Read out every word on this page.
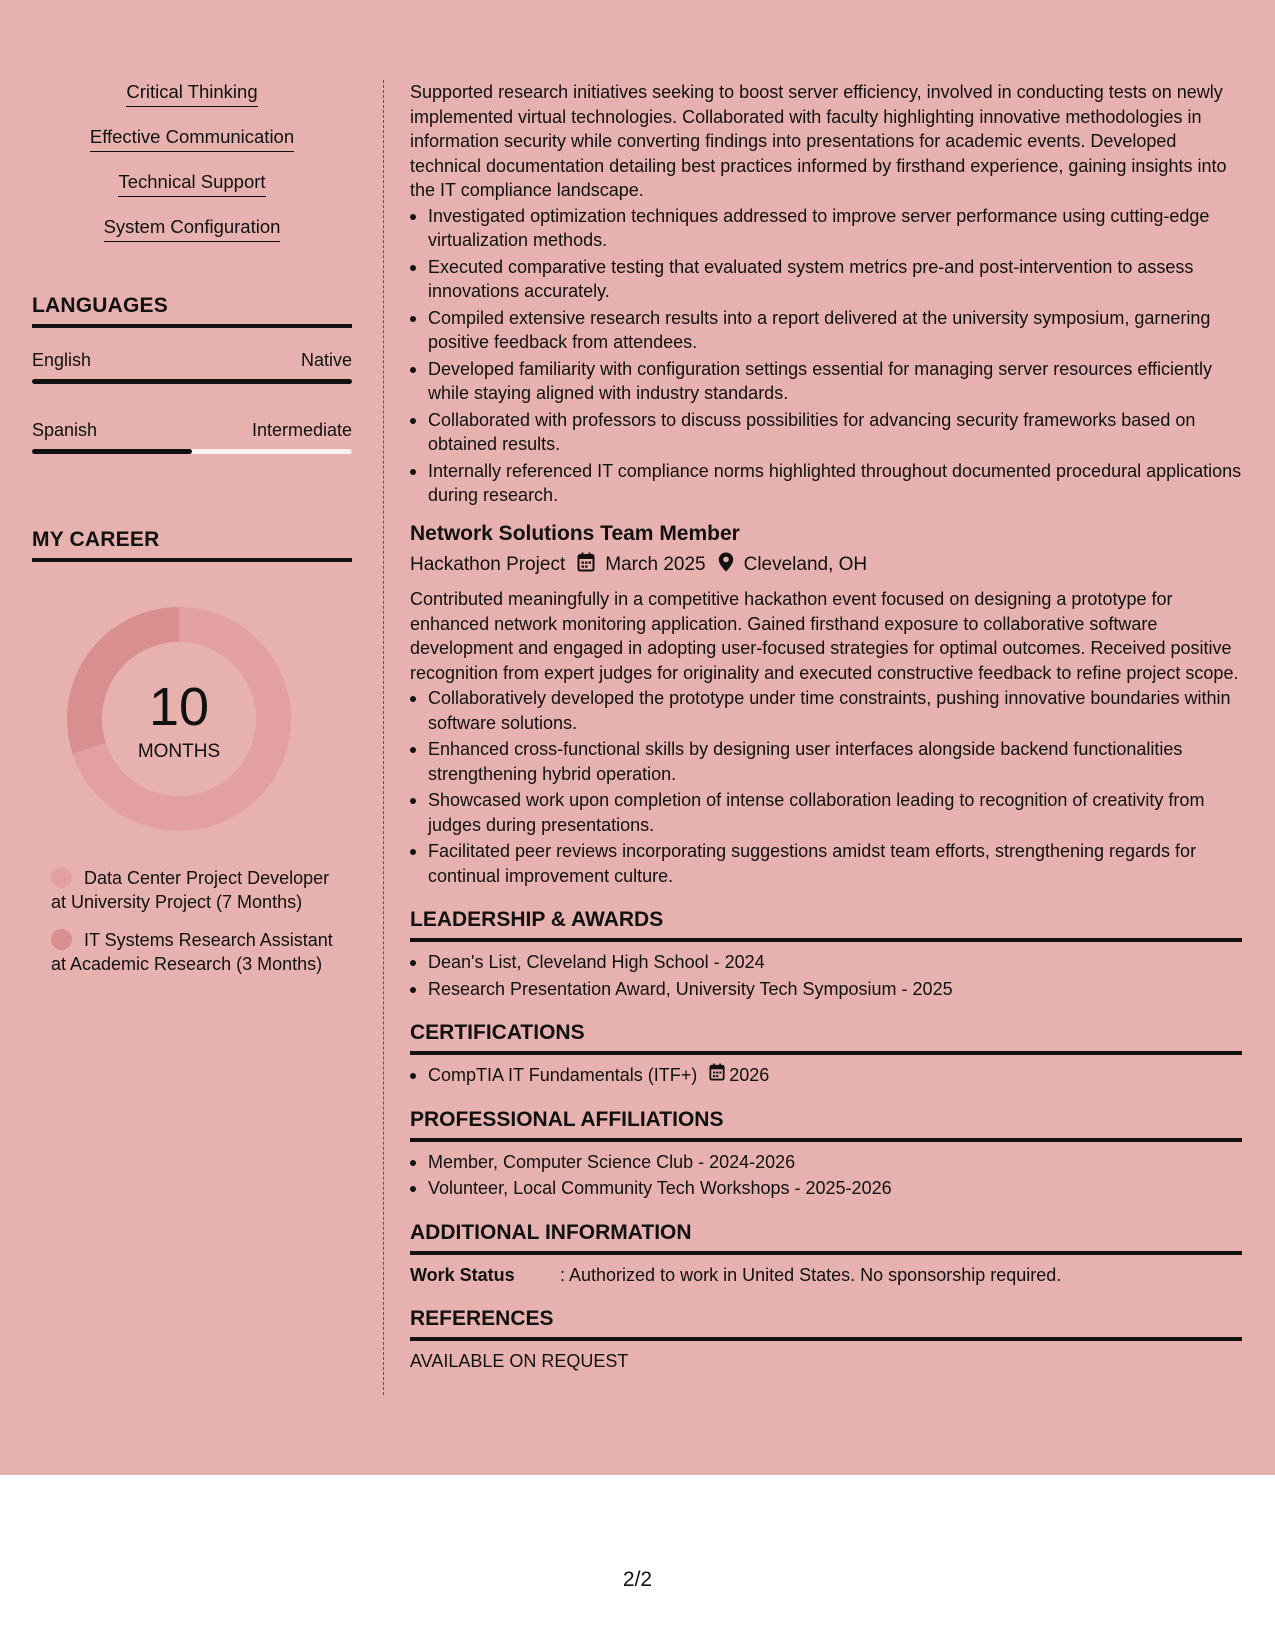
Critical Thinking
Effective Communication
Technical Support
System Configuration
LANGUAGES
English	Native
Spanish	Intermediate
MY CAREER
10
MONTHS
Data Center Project Developer at University Project (7 Months)
IT Systems Research Assistant at Academic Research (3 Months)
Supported research initiatives seeking to boost server efficiency, involved in conducting tests on newly implemented virtual technologies. Collaborated with faculty highlighting innovative methodologies in information security while converting findings into presentations for academic events. Developed technical documentation detailing best practices informed by firsthand experience, gaining insights into the IT compliance landscape.
Investigated optimization techniques addressed to improve server performance using cutting-edge virtualization methods.
Executed comparative testing that evaluated system metrics pre-and post-intervention to assess innovations accurately.
Compiled extensive research results into a report delivered at the university symposium, garnering positive feedback from attendees.
Developed familiarity with configuration settings essential for managing server resources efficiently while staying aligned with industry standards.
Collaborated with professors to discuss possibilities for advancing security frameworks based on obtained results.
Internally referenced IT compliance norms highlighted throughout documented procedural applications during research.
Network Solutions Team Member
Hackathon Project March 2025 Cleveland, OH
Contributed meaningfully in a competitive hackathon event focused on designing a prototype for enhanced network monitoring application. Gained firsthand exposure to collaborative software development and engaged in adopting user-focused strategies for optimal outcomes. Received positive recognition from expert judges for originality and executed constructive feedback to refine project scope.
Collaboratively developed the prototype under time constraints, pushing innovative boundaries within software solutions.
Enhanced cross-functional skills by designing user interfaces alongside backend functionalities strengthening hybrid operation.
Showcased work upon completion of intense collaboration leading to recognition of creativity from judges during presentations.
Facilitated peer reviews incorporating suggestions amidst team efforts, strengthening regards for continual improvement culture.
LEADERSHIP & AWARDS
Dean's List, Cleveland High School - 2024
Research Presentation Award, University Tech Symposium - 2025
CERTIFICATIONS
CompTIA IT Fundamentals (ITF+) 2026
PROFESSIONAL AFFILIATIONS
Member, Computer Science Club - 2024-2026
Volunteer, Local Community Tech Workshops - 2025-2026
ADDITIONAL INFORMATION
Work Status	: Authorized to work in United States. No sponsorship required.
REFERENCES
AVAILABLE ON REQUEST
2/2
